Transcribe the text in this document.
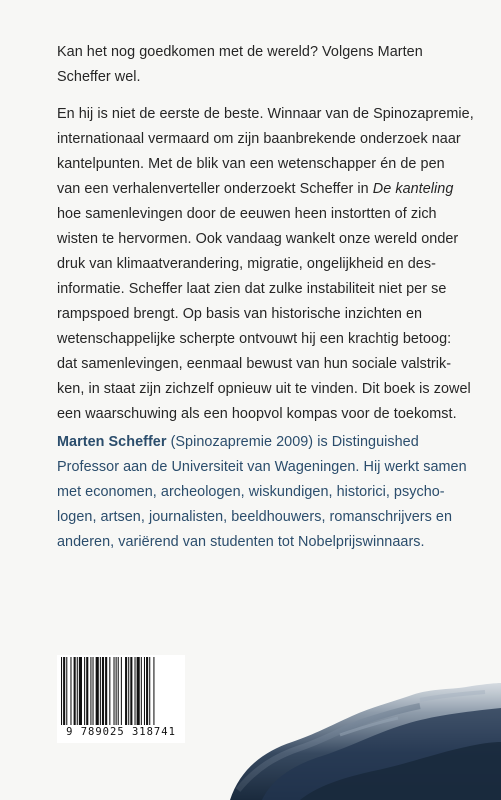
Kan het nog goedkomen met de wereld? Volgens Marten
Scheffer wel.
En hij is niet de eerste de beste. Winnaar van de Spinozapremie,
internationaal vermaard om zijn baanbrekende onderzoek naar
kantelpunten. Met de blik van een wetenschapper én de pen
van een verhalenverteller onderzoekt Scheffer in De kanteling
hoe samenlevingen door de eeuwen heen instortten of zich
wisten te hervormen. Ook vandaag wankelt onze wereld onder
druk van klimaatverandering, migratie, ongelijkheid en des-
informatie. Scheffer laat zien dat zulke instabiliteit niet per se
rampspoed brengt. Op basis van historische inzichten en
wetenschappelijke scherpte ontvouwt hij een krachtig betoog:
dat samenlevingen, eenmaal bewust van hun sociale valstrik-
ken, in staat zijn zichzelf opnieuw uit te vinden. Dit boek is zowel
een waarschuwing als een hoopvol kompas voor de toekomst.
Marten Scheffer (Spinozapremie 2009) is Distinguished
Professor aan de Universiteit van Wageningen. Hij werkt samen
met economen, archeologen, wiskundigen, historici, psycho-
logen, artsen, journalisten, beeldhouwers, romanschrijvers en
anderen, variërend van studenten tot Nobelprijswinnaars.
9 789025 318741
